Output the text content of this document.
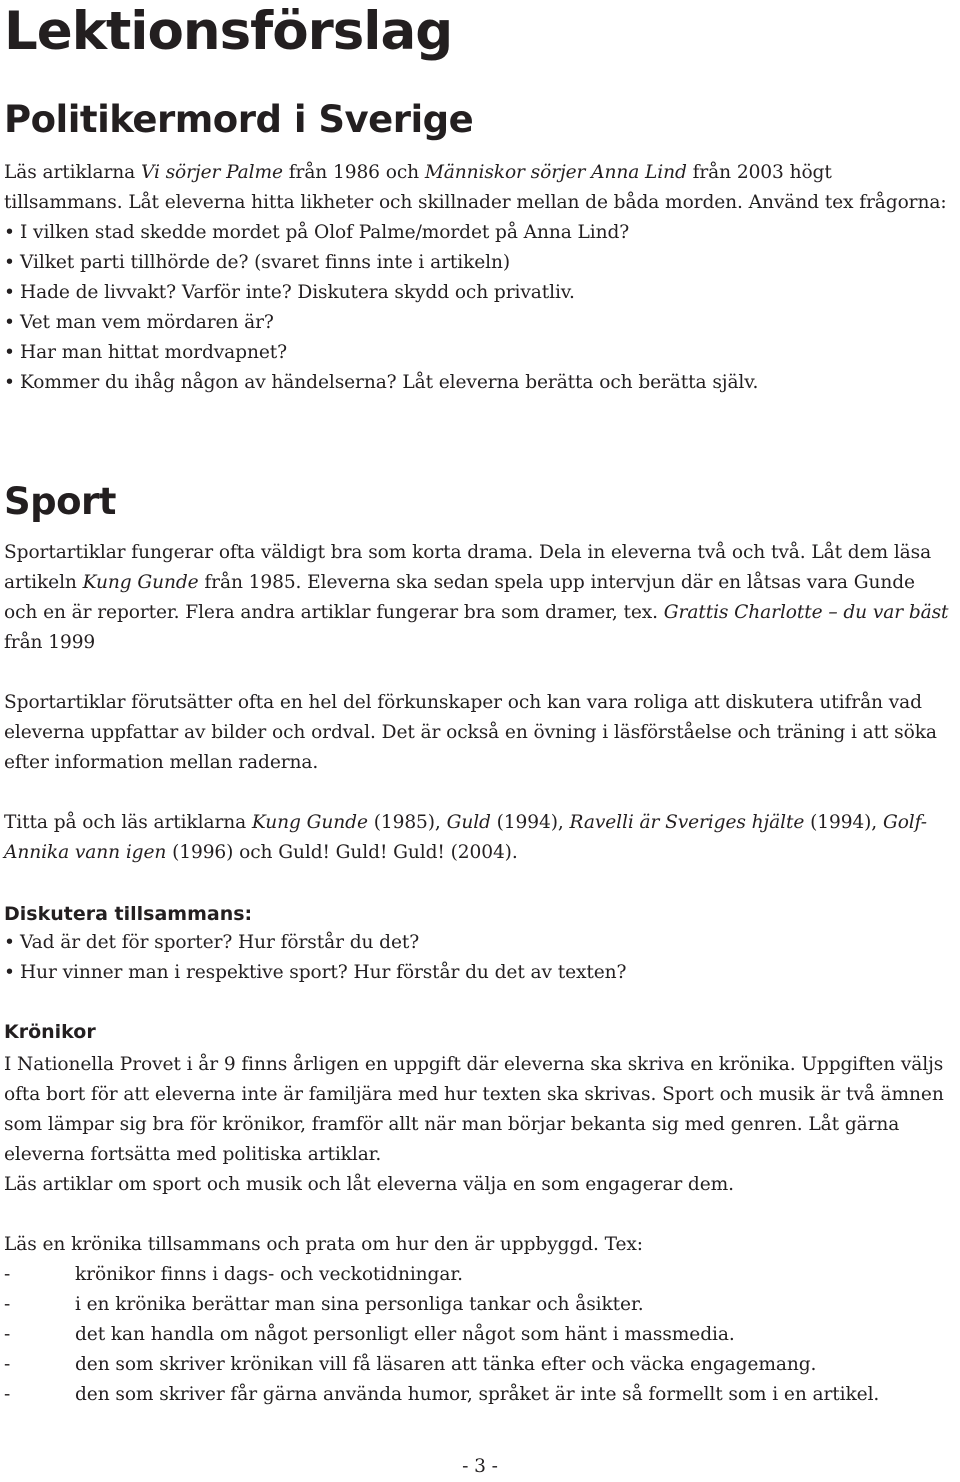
Lektionsförslag
Politikermord i Sverige

Läs artiklarna Vi sörjer Palme från 1986 och Människor sörjer Anna Lind från 2003 högt tillsammans. Låt eleverna hitta likheter och skillnader mellan de båda morden. Använd tex frågorna:

• I vilken stad skedde mordet på Olof Palme/mordet på Anna Lind?
• Vilket parti tillhörde de? (svaret finns inte i artikeln)
• Hade de livvakt? Varför inte? Diskutera skydd och privatliv.
• Vet man vem mördaren är?
• Har man hittat mordvapnet?
• Kommer du ihåg någon av händelserna? Låt eleverna berätta och berätta själv.
Sport

Sportartiklar fungerar ofta väldigt bra som korta drama. Dela in eleverna två och två. Låt dem läsa artikeln Kung Gunde från 1985. Eleverna ska sedan spela upp intervjun där en låtsas vara Gunde och en är reporter. Flera andra artiklar fungerar bra som dramer, tex. Grattis Charlotte – du var bäst från 1999

Sportartiklar förutsätter ofta en hel del förkunskaper och kan vara roliga att diskutera utifrån vad eleverna uppfattar av bilder och ordval. Det är också en övning i läsförståelse och träning i att söka efter information mellan raderna.

Titta på och läs artiklarna Kung Gunde (1985), Guld (1994), Ravelli är Sveriges hjälte (1994), Golf-Annika vann igen (1996) och Guld! Guld! Guld! (2004).

Diskutera tillsammans:
• Vad är det för sporter? Hur förstår du det?
• Hur vinner man i respektive sport? Hur förstår du det av texten?
Krönikor

I Nationella Provet i år 9 finns årligen en uppgift där eleverna ska skriva en krönika. Uppgiften väljs ofta bort för att eleverna inte är familjära med hur texten ska skrivas. Sport och musik är två ämnen som lämpar sig bra för krönikor, framför allt när man börjar bekanta sig med genren. Låt gärna eleverna fortsätta med politiska artiklar.

Läs artiklar om sport och musik och låt eleverna välja en som engagerar dem.

Läs en krönika tillsammans och prata om hur den är uppbyggd. Tex:

- krönikor finns i dags- och veckotidningar.
- i en krönika berättar man sina personliga tankar och åsikter.
- det kan handla om något personligt eller något som hänt i massmedia.
- den som skriver krönikan vill få läsaren att tänka efter och väcka engagemang.
- den som skriver får gärna använda humor, språket är inte så formellt som i en artikel.
- 3 -
